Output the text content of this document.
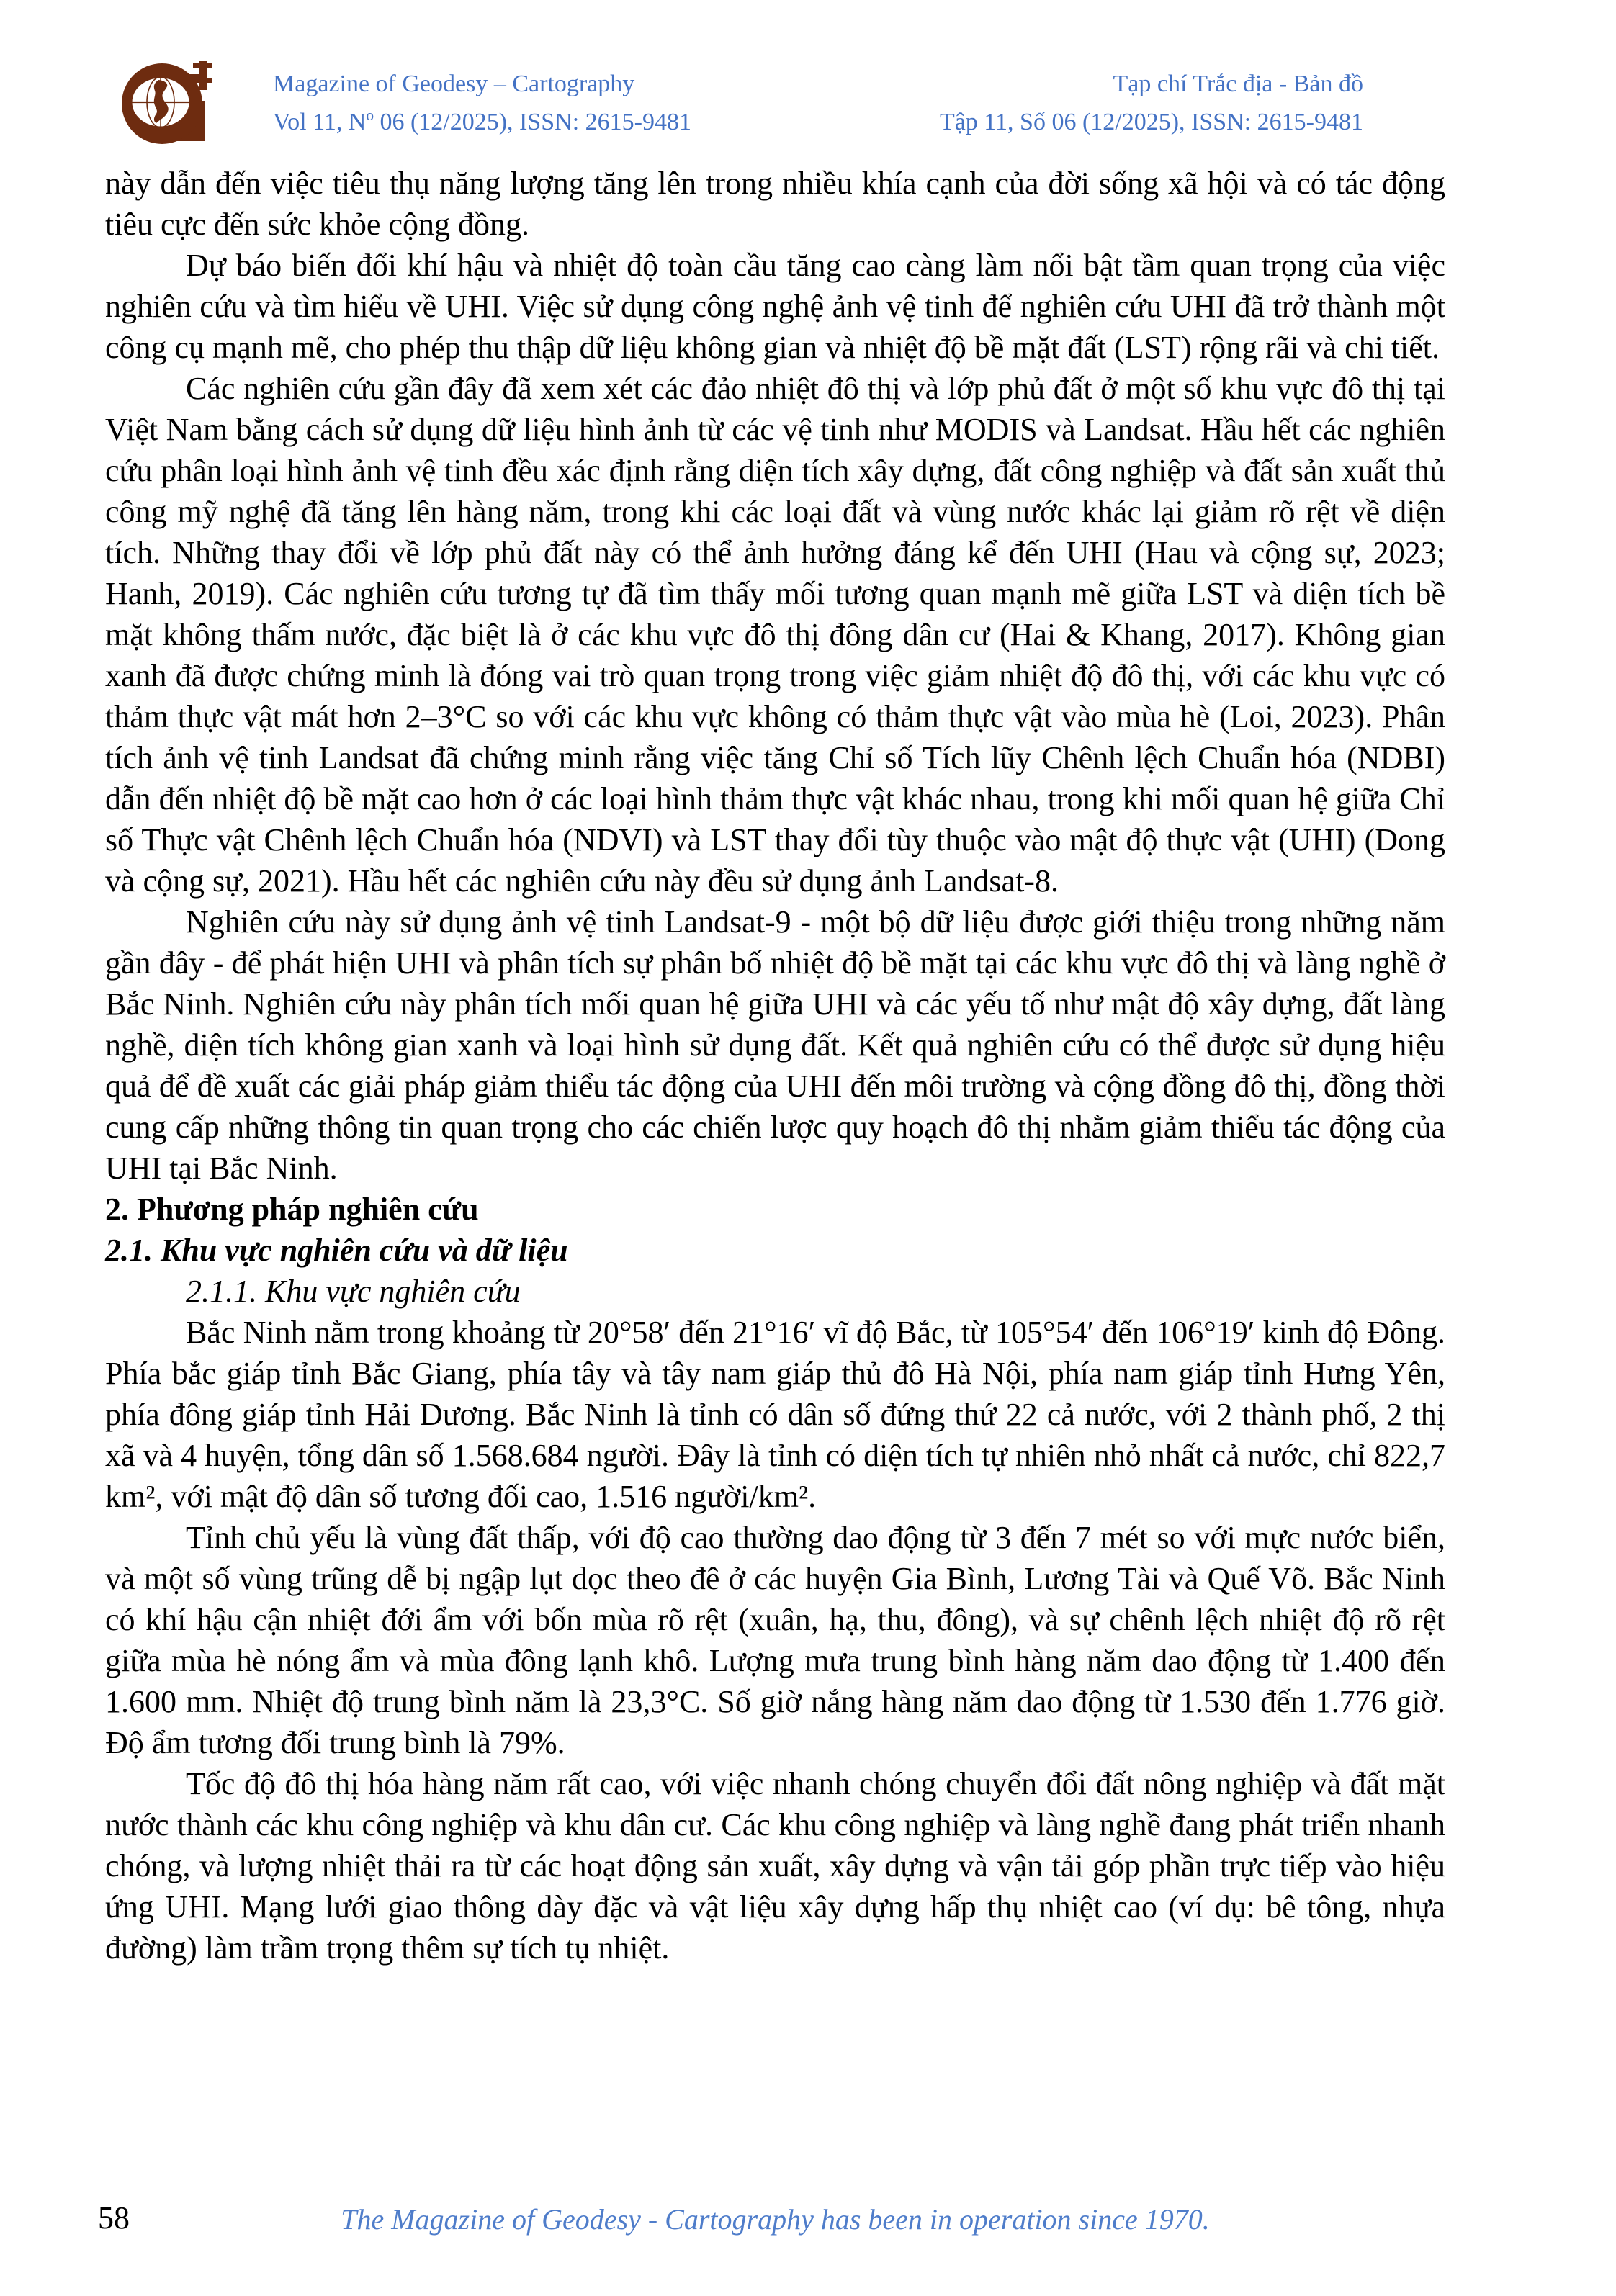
Magazine of Geodesy – Cartography
Vol 11, Nº 06 (12/2025), ISSN: 2615-9481
Tạp chí Trắc địa - Bản đồ
Tập 11, Số 06 (12/2025), ISSN: 2615-9481

này dẫn đến việc tiêu thụ năng lượng tăng lên trong nhiều khía cạnh của đời sống xã hội và có tác động tiêu cực đến sức khỏe cộng đồng.

Dự báo biến đổi khí hậu và nhiệt độ toàn cầu tăng cao càng làm nổi bật tầm quan trọng của việc nghiên cứu và tìm hiểu về UHI. Việc sử dụng công nghệ ảnh vệ tinh để nghiên cứu UHI đã trở thành một công cụ mạnh mẽ, cho phép thu thập dữ liệu không gian và nhiệt độ bề mặt đất (LST) rộng rãi và chi tiết.

Các nghiên cứu gần đây đã xem xét các đảo nhiệt đô thị và lớp phủ đất ở một số khu vực đô thị tại Việt Nam bằng cách sử dụng dữ liệu hình ảnh từ các vệ tinh như MODIS và Landsat. Hầu hết các nghiên cứu phân loại hình ảnh vệ tinh đều xác định rằng diện tích xây dựng, đất công nghiệp và đất sản xuất thủ công mỹ nghệ đã tăng lên hàng năm, trong khi các loại đất và vùng nước khác lại giảm rõ rệt về diện tích. Những thay đổi về lớp phủ đất này có thể ảnh hưởng đáng kể đến UHI (Hau và cộng sự, 2023; Hanh, 2019). Các nghiên cứu tương tự đã tìm thấy mối tương quan mạnh mẽ giữa LST và diện tích bề mặt không thấm nước, đặc biệt là ở các khu vực đô thị đông dân cư (Hai & Khang, 2017). Không gian xanh đã được chứng minh là đóng vai trò quan trọng trong việc giảm nhiệt độ đô thị, với các khu vực có thảm thực vật mát hơn 2–3°C so với các khu vực không có thảm thực vật vào mùa hè (Loi, 2023). Phân tích ảnh vệ tinh Landsat đã chứng minh rằng việc tăng Chỉ số Tích lũy Chênh lệch Chuẩn hóa (NDBI) dẫn đến nhiệt độ bề mặt cao hơn ở các loại hình thảm thực vật khác nhau, trong khi mối quan hệ giữa Chỉ số Thực vật Chênh lệch Chuẩn hóa (NDVI) và LST thay đổi tùy thuộc vào mật độ thực vật (UHI) (Dong và cộng sự, 2021). Hầu hết các nghiên cứu này đều sử dụng ảnh Landsat-8.

Nghiên cứu này sử dụng ảnh vệ tinh Landsat-9 - một bộ dữ liệu được giới thiệu trong những năm gần đây - để phát hiện UHI và phân tích sự phân bố nhiệt độ bề mặt tại các khu vực đô thị và làng nghề ở Bắc Ninh. Nghiên cứu này phân tích mối quan hệ giữa UHI và các yếu tố như mật độ xây dựng, đất làng nghề, diện tích không gian xanh và loại hình sử dụng đất. Kết quả nghiên cứu có thể được sử dụng hiệu quả để đề xuất các giải pháp giảm thiểu tác động của UHI đến môi trường và cộng đồng đô thị, đồng thời cung cấp những thông tin quan trọng cho các chiến lược quy hoạch đô thị nhằm giảm thiểu tác động của UHI tại Bắc Ninh.

2. Phương pháp nghiên cứu

2.1. Khu vực nghiên cứu và dữ liệu

2.1.1. Khu vực nghiên cứu

Bắc Ninh nằm trong khoảng từ 20°58′ đến 21°16′ vĩ độ Bắc, từ 105°54′ đến 106°19′ kinh độ Đông. Phía bắc giáp tỉnh Bắc Giang, phía tây và tây nam giáp thủ đô Hà Nội, phía nam giáp tỉnh Hưng Yên, phía đông giáp tỉnh Hải Dương. Bắc Ninh là tỉnh có dân số đứng thứ 22 cả nước, với 2 thành phố, 2 thị xã và 4 huyện, tổng dân số 1.568.684 người. Đây là tỉnh có diện tích tự nhiên nhỏ nhất cả nước, chỉ 822,7 km², với mật độ dân số tương đối cao, 1.516 người/km².

Tỉnh chủ yếu là vùng đất thấp, với độ cao thường dao động từ 3 đến 7 mét so với mực nước biển, và một số vùng trũng dễ bị ngập lụt dọc theo đê ở các huyện Gia Bình, Lương Tài và Quế Võ. Bắc Ninh có khí hậu cận nhiệt đới ẩm với bốn mùa rõ rệt (xuân, hạ, thu, đông), và sự chênh lệch nhiệt độ rõ rệt giữa mùa hè nóng ẩm và mùa đông lạnh khô. Lượng mưa trung bình hàng năm dao động từ 1.400 đến 1.600 mm. Nhiệt độ trung bình năm là 23,3°C. Số giờ nắng hàng năm dao động từ 1.530 đến 1.776 giờ. Độ ẩm tương đối trung bình là 79%.

Tốc độ đô thị hóa hàng năm rất cao, với việc nhanh chóng chuyển đổi đất nông nghiệp và đất mặt nước thành các khu công nghiệp và khu dân cư. Các khu công nghiệp và làng nghề đang phát triển nhanh chóng, và lượng nhiệt thải ra từ các hoạt động sản xuất, xây dựng và vận tải góp phần trực tiếp vào hiệu ứng UHI. Mạng lưới giao thông dày đặc và vật liệu xây dựng hấp thụ nhiệt cao (ví dụ: bê tông, nhựa đường) làm trầm trọng thêm sự tích tụ nhiệt.

58	The Magazine of Geodesy - Cartography has been in operation since 1970.
